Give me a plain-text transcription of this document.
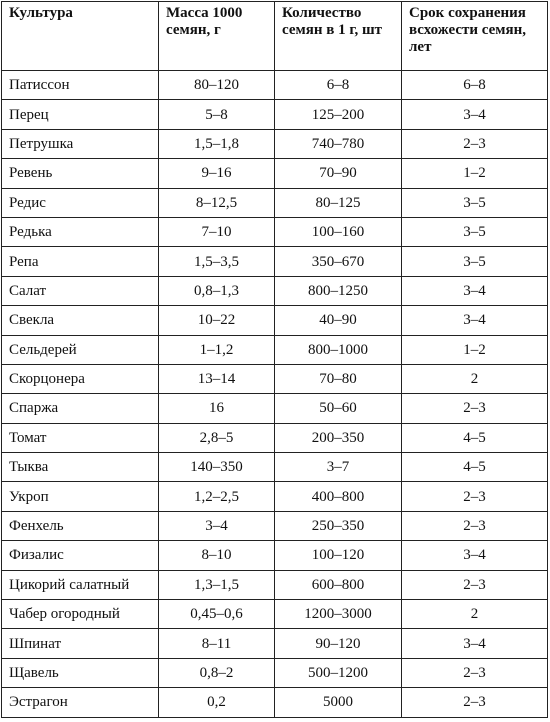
Культура	Масса 1000 семян, г	Количество семян в 1 г, шт	Срок сохранения всхожести семян, лет
Патиссон	80–120	6–8	6–8
Перец	5–8	125–200	3–4
Петрушка	1,5–1,8	740–780	2–3
Ревень	9–16	70–90	1–2
Редис	8–12,5	80–125	3–5
Редька	7–10	100–160	3–5
Репа	1,5–3,5	350–670	3–5
Салат	0,8–1,3	800–1250	3–4
Свекла	10–22	40–90	3–4
Сельдерей	1–1,2	800–1000	1–2
Скорцонера	13–14	70–80	2
Спаржа	16	50–60	2–3
Томат	2,8–5	200–350	4–5
Тыква	140–350	3–7	4–5
Укроп	1,2–2,5	400–800	2–3
Фенхель	3–4	250–350	2–3
Физалис	8–10	100–120	3–4
Цикорий салатный	1,3–1,5	600–800	2–3
Чабер огородный	0,45–0,6	1200–3000	2
Шпинат	8–11	90–120	3–4
Щавель	0,8–2	500–1200	2–3
Эстрагон	0,2	5000	2–3
